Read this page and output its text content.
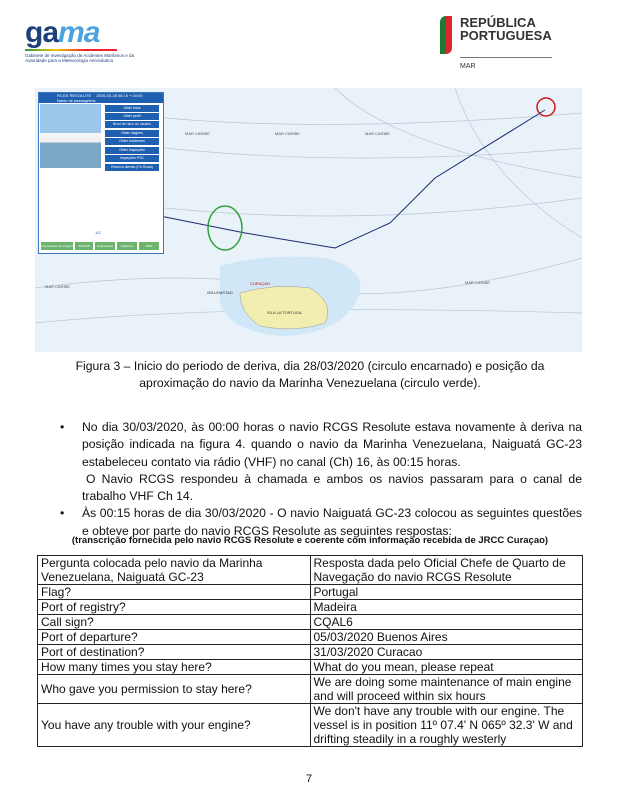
gama
Gabinete de Investigação de Acidentes Marítimos e da Autoridade para a Meteorologia Aeronáutica
REPÚBLICA
PORTUGUESA
MAR
MAR CARIBE	MAR CARIBE	MAR CARIBE
MAR CARIBE
MAR CARIBE
CURAÇAO
WILLEMSTAD
ISLA LA TORTUGA
RCGS RESOLUTE 2020-03-28 06:15 + 00:00
Navio de passageiros
Obter fotos
Obter perfil
Nível de risco do usuário
Obter viagens
Obter incidentes
Obter inspeções
Inspeções PSC
Resolva alertas (Ch Rosal)
1/2
Informações de Viagem	SIGMAR	Dispositivos	Vigilância	RMS
Figura 3 – Inicio do periodo de deriva, dia 28/03/2020 (circulo encarnado) e posição da aproximação do navio da Marinha Venezuelana (circulo verde).
• No dia 30/03/2020, às 00:00 horas o navio RCGS Resolute estava novamente à deriva na posição indicada na figura 4. quando o navio da Marinha Venezuelana, Naiguatá GC-23 estabeleceu contato via rádio (VHF) no canal (Ch) 16, às 00:15 horas.
O Navio RCGS respondeu à chamada e ambos os navios passaram para o canal de trabalho VHF Ch 14.
• Às 00:15 horas de dia 30/03/2020 - O navio Naiguatá GC-23 colocou as seguintes questões e obteve por parte do navio RCGS Resolute as seguintes respostas:
(transcrição fornecida pelo navio RCGS Resolute e coerente com informação recebida de JRCC Curaçao)
Pergunta colocada pelo navio da Marinha Venezuelana, Naiguatá GC-23	Resposta dada pelo Oficial Chefe de Quarto de Navegação do navio RCGS Resolute
Flag?	Portugal
Port of registry?	Madeira
Call sign?	CQAL6
Port of departure?	05/03/2020 Buenos Aires
Port of destination?	31/03/2020 Curacao
How many times you stay here?	What do you mean, please repeat
Who gave you permission to stay here?	We are doing some maintenance of main engine and will proceed within six hours
You have any trouble with your engine?	We don't have any trouble with our engine. The vessel is in position 11º 07.4' N 065º 32.3' W and drifting steadily in a roughly westerly
7
